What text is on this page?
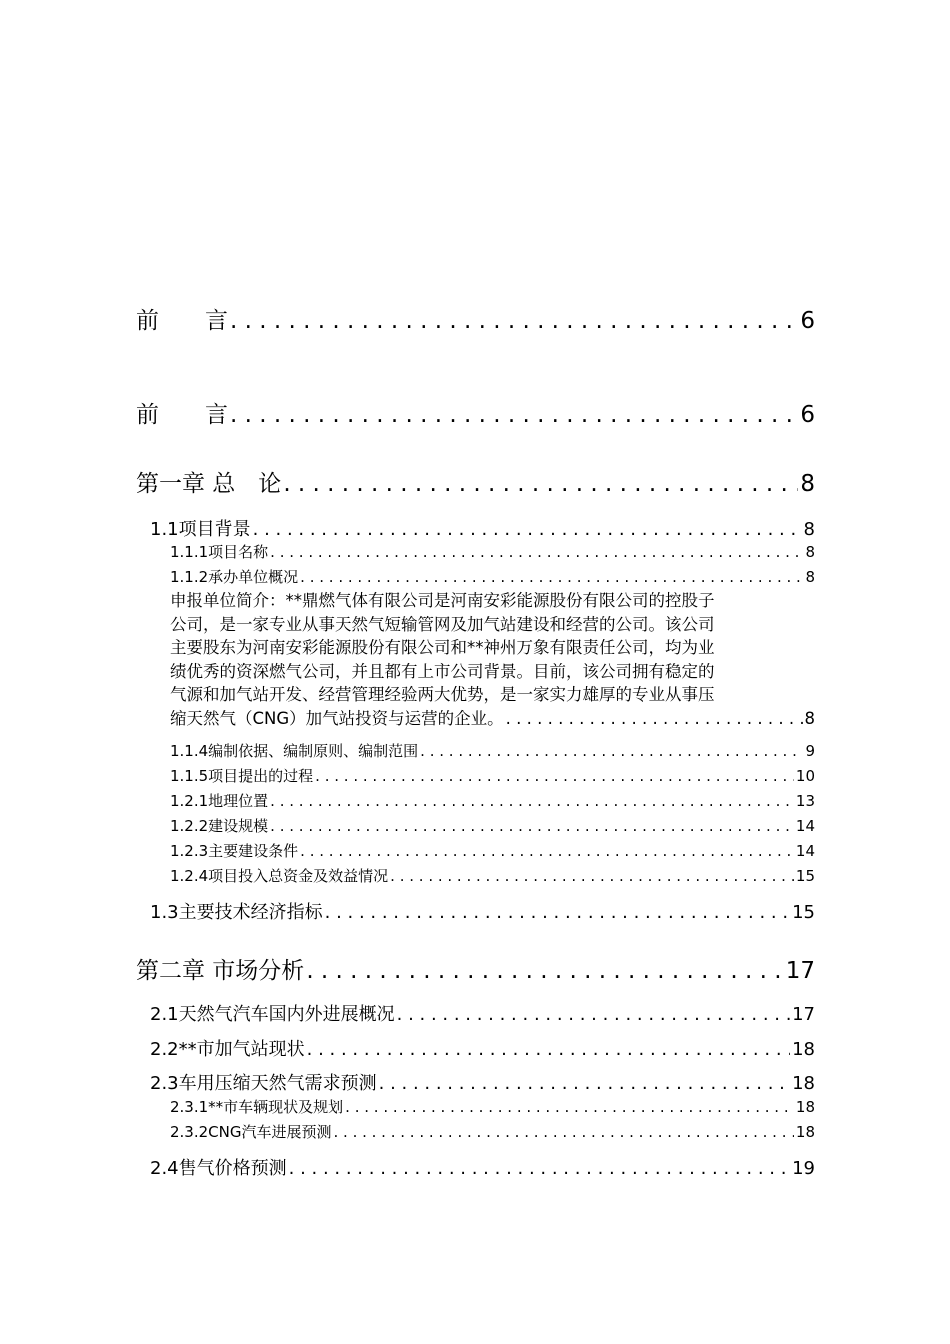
前　　言 . . .	6
前　　言 . . .	6
第一章 总　论 . . .	8
1.1项目背景 . . .	8
1.1.1项目名称 . . .	8
1.1.2承办单位概况 . . .	8
申报单位简介：**鼎燃气体有限公司是河南安彩能源股份有限公司的控股子
公司，是一家专业从事天然气短输管网及加气站建设和经营的公司。该公司
主要股东为河南安彩能源股份有限公司和**神州万象有限责任公司，均为业
绩优秀的资深燃气公司，并且都有上市公司背景。目前，该公司拥有稳定的
气源和加气站开发、经营管理经验两大优势，是一家实力雄厚的专业从事压
缩天然气（CNG）加气站投资与运营的企业。 . . .	8
1.1.4编制依据、编制原则、编制范围 . . .	9
1.1.5项目提出的过程 . . .	10
1.2.1地理位置 . . .	13
1.2.2建设规模 . . .	14
1.2.3主要建设条件 . . .	14
1.2.4项目投入总资金及效益情况 . . .	15
1.3主要技术经济指标 . . .	15
第二章 市场分析 . . .	17
2.1天然气汽车国内外进展概况 . . .	17
2.2**市加气站现状 . . .	18
2.3车用压缩天然气需求预测 . . .	18
2.3.1**市车辆现状及规划 . . .	18
2.3.2CNG汽车进展预测 . . .	18
2.4售气价格预测 . . .	19
